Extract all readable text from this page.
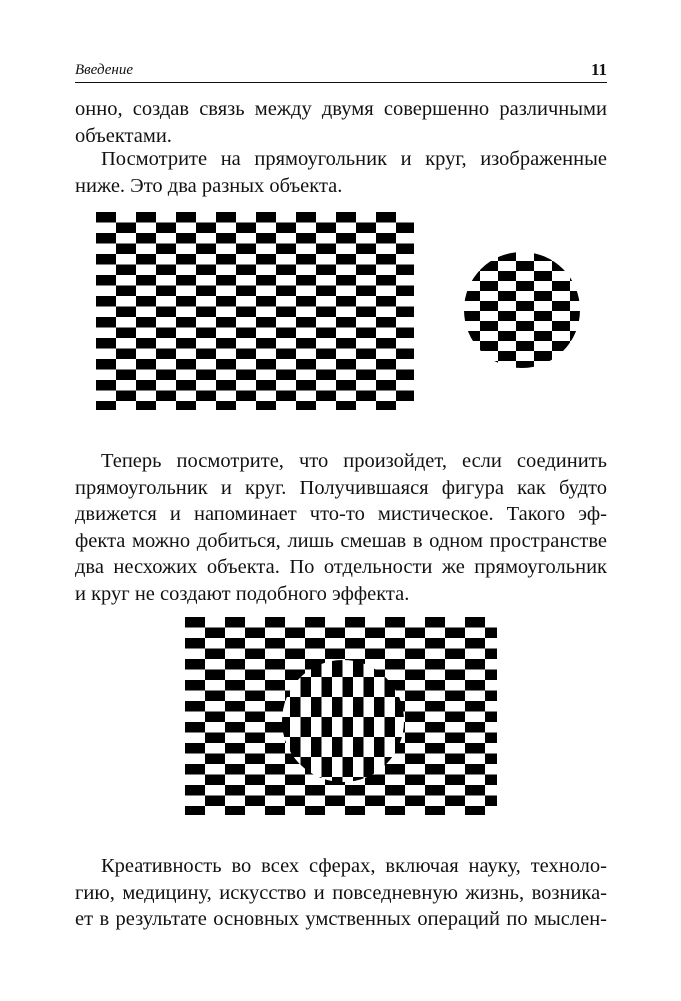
Введение	11
онно, создав связь между двумя совершенно различными
объектами.
Посмотрите на прямоугольник и круг, изображенные
ниже. Это два разных объекта.
Теперь посмотрите, что произойдет, если соединить
прямоугольник и круг. Получившаяся фигура как будто
движется и напоминает что-то мистическое. Такого эф-
фекта можно добиться, лишь смешав в одном пространстве
два несхожих объекта. По отдельности же прямоугольник
и круг не создают подобного эффекта.
Креативность во всех сферах, включая науку, техноло-
гию, медицину, искусство и повседневную жизнь, возника-
ет в результате основных умственных операций по мыслен-
